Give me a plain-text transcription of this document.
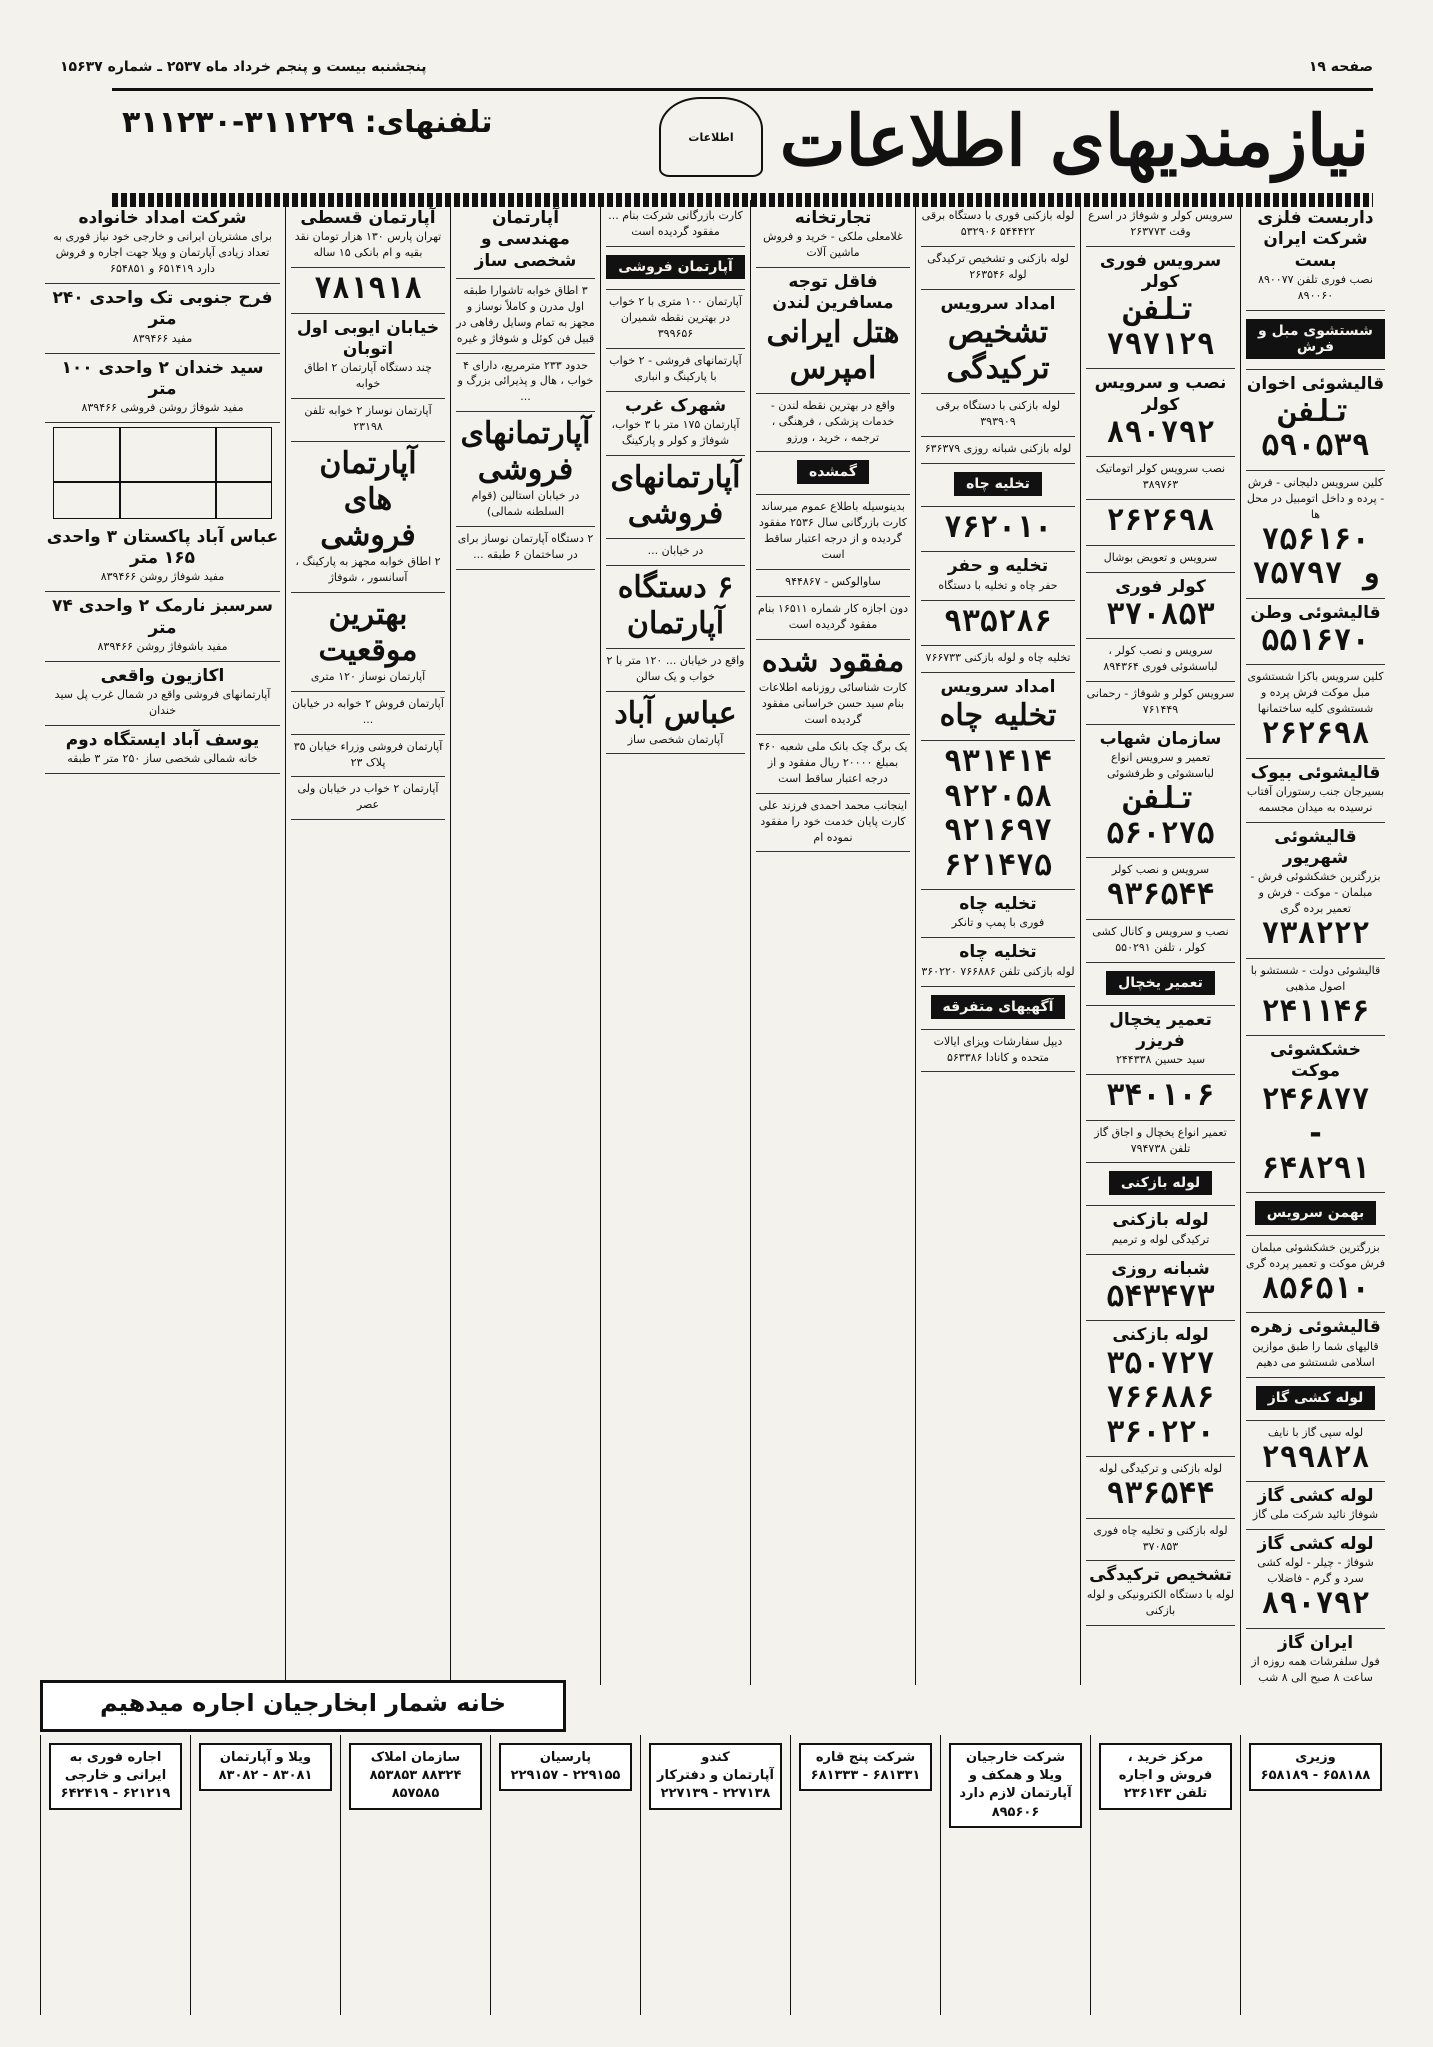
صفحه ۱۹
پنجشنبه بیست و پنجم خرداد ماه ۲۵۳۷ ـ شماره ۱۵۶۳۷
نیازمندیهای اطلاعات
اطلاعات
تلفنهای: ۳۱۱۲۲۹-۳۱۱۲۳۰
داربست فلزی شرکت ایران بست
نصب فوری تلفن ۸۹۰۰۷۷ ۸۹۰۰۶۰
شستشوی مبل و فرش
قالیشوئی اخوان
تلفن ۵۹۰۵۳۹
کلین سرویس دلیجانی - فرش - پرده و داخل اتومبیل در محل ها
۷۵۶۱۶۰ و ۷۵۷۹۷
قالیشوئی وطن
۵۵۱۶۷۰
کلین سرویس باکزا شستشوی مبل موکت فرش پرده و شستشوی کلیه ساختمانها
۲۶۲۶۹۸
قالیشوئی بیوک
بسیرجان جنب رستوران آفتاب نرسیده به میدان مجسمه
قالیشوئی شهریور
بزرگترین خشکشوئی فرش - مبلمان - موکت - فرش و تعمیر برده گری
۷۳۸۲۲۲
قالیشوئی دولت - شستشو با اصول مذهبی
۲۴۱۱۴۶
خشکشوئی موکت
۲۴۶۸۷۷ - ۶۴۸۲۹۱
بهمن سرویس
بزرگترین خشکشوئی مبلمان فرش موکت و تعمیر پرده گری
۸۵۶۵۱۰
قالیشوئی زهره
قالیهای شما را طبق موازین اسلامی شستشو می دهیم
لوله کشی گاز
لوله سپی گاز با نایف
۲۹۹۸۲۸
لوله کشی گاز
شوفاژ نائید شرکت ملی گاز
لوله کشی گاز
شوفاژ - چیلر - لوله کشی سرد و گرم - فاضلاب
۸۹۰۷۹۲
ایران گاز
فول سلفرشات همه روزه از ساعت ۸ صبح الی ۸ شب
سرویس کولر و شوفاژ در اسرع وقت ۲۶۳۷۷۳
سرویس فوری کولر
تلفن ۷۹۷۱۲۹
نصب و سرویس کولر
۸۹۰۷۹۲
نصب سرویس کولر اتوماتیک ۳۸۹۷۶۳
۲۶۲۶۹۸
سرویس و تعویض بوشال
کولر فوری
۳۷۰۸۵۳
سرویس و نصب کولر ، لباسشوئی فوری ۸۹۴۳۶۴
سرویس کولر و شوفاژ - رحمانی ۷۶۱۴۴۹
سازمان شهاب
تعمیر و سرویس انواع لباسشوئی و ظرفشوئی
تلفن ۵۶۰۲۷۵
سرویس و نصب کولر
۹۳۶۵۴۴
نصب و سرویس و کانال کشی کولر ، تلفن ۵۵۰۲۹۱
تعمیر یخچال
تعمیر یخچال فریزر
سید حسین ۲۴۴۳۳۸
۳۴۰۱۰۶
تعمیر انواع یخچال و اجاق گاز تلفن ۷۹۴۷۳۸
لوله بازکنی
لوله بازکنی
ترکیدگی لوله و ترمیم
شبانه روزی
۵۴۳۴۷۳
لوله بازکنی
۳۵۰۷۲۷ ۷۶۶۸۸۶ ۳۶۰۲۲۰
لوله بازکنی و ترکیدگی لوله
۹۳۶۵۴۴
لوله بازکنی و تخلیه چاه فوری ۳۷۰۸۵۳
تشخیص ترکیدگی
لوله با دستگاه الکترونیکی و لوله بازکنی
لوله بازکنی فوری با دستگاه برقی ۵۴۴۴۲۲ ۵۳۲۹۰۶
لوله بازکنی و تشخیص ترکیدگی لوله ۲۶۳۵۴۶
امداد سرویس
تشخیص ترکیدگی
لوله بازکنی با دستگاه برقی ۳۹۳۹۰۹
لوله بازکنی شبانه روزی ۶۳۶۳۷۹
تخلیه چاه
۷۶۲۰۱۰
تخلیه و حفر
حفر چاه و تخلیه با دستگاه
۹۳۵۲۸۶
تخلیه چاه و لوله بازکنی ۷۶۶۷۳۳
امداد سرویس
تخلیه چاه
۹۳۱۴۱۴ ۹۲۲۰۵۸ ۹۲۱۶۹۷ ۶۲۱۴۷۵
تخلیه چاه
فوری با پمپ و تانکر
تخلیه چاه
لوله بازکنی تلفن ۷۶۶۸۸۶ ۳۶۰۲۲۰
آگهیهای متفرقه
دیپل سفارشات ویزای ایالات متحده و کانادا ۵۶۳۳۸۶
تجارتخانه
غلامعلی ملکی - خرید و فروش ماشین آلات
فاقل توجه مسافرین لندن
هتل ایرانی امپرس
واقع در بهترین نقطه لندن - خدمات پزشکی ، فرهنگی ، ترجمه ، خرید ، ورزو
گمشده
بدینوسیله باطلاع عموم میرساند کارت بازرگانی سال ۲۵۳۶ مفقود گردیده و از درجه اعتبار ساقط است
ساوالوکس - ۹۴۴۸۶۷
دون اجازه کار شماره ۱۶۵۱۱ بنام مفقود گردیده است
مفقود شده
کارت شناسائی روزنامه اطلاعات بنام سید حسن خراسانی مفقود گردیده است
یک برگ چک بانک ملی شعبه ۴۶۰ بمبلغ ۲۰۰۰۰ ریال مفقود و از درجه اعتبار ساقط است
اینجانب محمد احمدی فرزند علی کارت پایان خدمت خود را مفقود نموده ام
کارت بازرگانی شرکت بنام ... مفقود گردیده است
آپارتمان فروشی
آپارتمان ۱۰۰ متری با ۲ خواب در بهترین نقطه شمیران ۳۹۹۶۵۶
آپارتمانهای فروشی - ۲ خواب با پارکینگ و انباری
شهرک غرب
آپارتمان ۱۷۵ متر با ۳ خواب، شوفاژ و کولر و پارکینگ
آپارتمانهای فروشی
در خیابان ...
۶ دستگاه آپارتمان
واقع در خیابان ... ۱۲۰ متر با ۲ خواب و یک سالن
عباس آباد
آپارتمان شخصی ساز
آپارتمان مهندسی و شخصی ساز
۳ اطاق خوابه تاشوارا طبقه اول مدرن و کاملاً نوساز و مجهز به تمام وسایل رفاهی در قبیل فن کوئل و شوفاژ و غیره
حدود ۲۳۳ مترمربع، دارای ۴ خواب ، هال و پذیرائی بزرگ و ...
آپارتمانهای فروشی
در خیابان استالین (قوام السلطنه شمالی)
۲ دستگاه آپارتمان نوساز برای در ساختمان ۶ طبقه ...
آپارتمان قسطی
تهران پارس ۱۳۰ هزار تومان نقد بقیه و ام بانکی ۱۵ ساله
۷۸۱۹۱۸
خیابان ایوبی اول اتوبان
چند دستگاه آپارتمان ۲ اطاق خوابه
آپارتمان نوساز ۲ خوابه تلفن ۲۳۱۹۸
آپارتمان های فروشی
۲ اطاق خوابه مجهز به پارکینگ ، آسانسور ، شوفاژ
بهترین موقعیت
آپارتمان نوساز ۱۲۰ متری
آپارتمان فروش ۲ خوابه در خیابان ...
آپارتمان فروشی وزراء خیابان ۳۵ پلاک ۲۳
آپارتمان ۲ خواب در خیابان ولی عصر
شرکت امداد خانواده
برای مشتریان ایرانی و خارجی خود نیاز فوری به تعداد زیادی آپارتمان و ویلا جهت اجاره و فروش دارد ۶۵۱۴۱۹ و ۶۵۴۸۵۱
فرح جنوبی تک واحدی ۲۴۰ متر
مفید ۸۳۹۴۶۶
سید خندان ۲ واحدی ۱۰۰ متر
مفید شوفاژ روشن فروشی ۸۳۹۴۶۶
عباس آباد پاکستان ۳ واحدی ۱۶۵ متر
مفید شوفاژ روشن ۸۳۹۴۶۶
سرسبز نارمک ۲ واحدی ۷۴ متر
مفید باشوفاژ روشن ۸۳۹۴۶۶
اکازیون واقعی
آپارتمانهای فروشی واقع در شمال غرب پل سید خندان
یوسف آباد ایستگاه دوم
خانه شمالی شخصی ساز ۲۵۰ متر ۳ طبقه
خانه شمار ابخارجیان اجاره میدهیم
وزیری
۶۵۸۱۸۸ - ۶۵۸۱۸۹
مرکز خرید ، فروش و اجاره تلفن ۲۳۶۱۴۳
شرکت خارجیان
ویلا و همکف و آپارتمان لازم دارد ۸۹۵۶۰۶
شرکت پنج قاره
۶۸۱۳۳۱ - ۶۸۱۳۳۳
کندو
آپارتمان و دفترکار ۲۲۷۱۳۸ - ۲۲۷۱۳۹
پارسیان
۲۲۹۱۵۵ - ۲۲۹۱۵۷
سازمان املاک
۸۸۳۲۴ ۸۵۳۸۵۳ ۸۵۷۵۸۵
ویلا و آپارتمان
۸۳۰۸۱ - ۸۳۰۸۲
اجاره فوری به ایرانی و خارجی
۶۲۱۲۱۹ - ۶۴۲۴۱۹
